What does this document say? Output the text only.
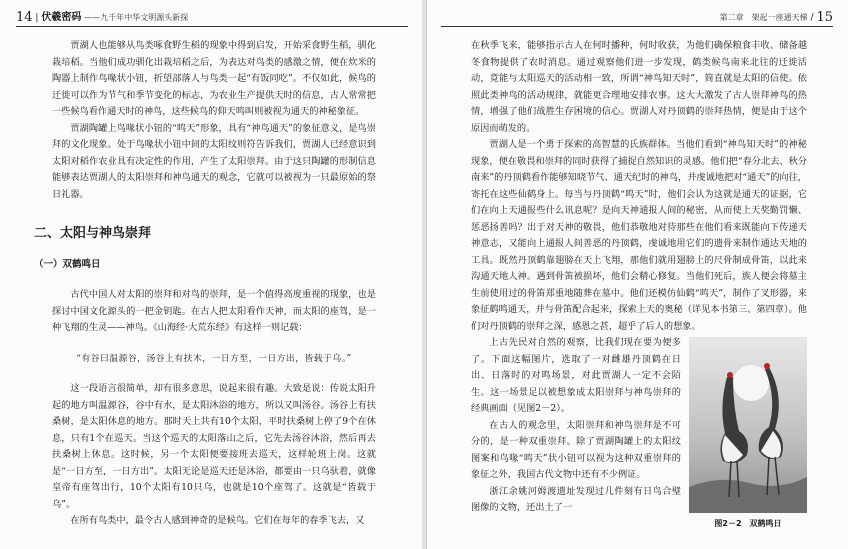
14 | 伏羲密码 ——九千年中华文明源头新探

贾湖人也能够从鸟类啄食野生稻的现象中得到启发，开始采食野生稻，驯化栽培稻。当他们成功驯化出栽培稻之后，为表达对鸟类的感激之情，便在炊米的陶器上制作鸟喙状小钮，折望部落人与鸟类一起“有饭同吃”。不仅如此，候鸟的迁徙可以作为节气和季节变化的标志，为农业生产提供天时的信息，古人常常把一些候鸟看作通天时的神鸟，这些候鸟的仰天鸣叫则被视为通天的神秘象征。

贾湖陶罐上鸟喙状小钮的“鸣天”形象，具有“神鸟通天”的象征意义，是鸟崇拜的文化现象。处于鸟喙状小钮中间的太阳纹则符告诉我们，贾湖人已经意识到太阳对稻作农业具有决定性的作用，产生了太阳崇拜。由于这只陶罐的形制信息能够表达贾湖人的太阳崇拜和神鸟通天的观念，它就可以被视为一只最原始的祭日礼器。

二、太阳与神鸟崇拜
（一）双鹤鸣日

古代中国人对太阳的崇拜和对鸟的崇拜，是一个值得高度重视的现象，也是探讨中国文化源头的一把金钥匙。在古人把太阳看作天神，而太阳的座驾，是一种飞翔的生灵——神鸟。《山海经·大荒东经》有这样一则记载：

“有谷曰温源谷，汤谷上有扶木，一日方至，一日方出，皆载于乌。”

这一段语言很简单，却有很多意思，说起来很有趣。大致是说：传说太阳升起的地方叫温源谷，谷中有水，是太阳沐浴的地方，所以又叫汤谷。汤谷上有扶桑树，是太阳休息的地方。那时天上共有10个太阳，平时扶桑树上停了9个在休息，只有1个在巡天。当这个巡天的太阳落山之后，它先去汤谷沐浴，然后再去扶桑树上休息。这时候，另一个太阳便要接班去巡天，这样轮班上岗。这就是“一日方至，一日方出”。太阳无论是巡天还是沐浴，都要由一只乌驮着，就像皇帝有座驾出行，10个太阳有10只乌，也就是10个座驾了。这就是“皆载于乌”。

在所有鸟类中，最令古人感到神奇的是候鸟。它们在每年的春季飞去，又

第二章　架起一座通天梯 / 15

在秋季飞来，能够指示古人在何时播种，何时收获，为他们确保粮食丰收、储备越冬食物提供了农时消息。通过观察他们进一步发现，鹤类候鸟南来北往的迁徙活动，竟能与太阳巡天的活动相一致，所谓“神鸟知天时”，简直就是太阳的信使。依照此类神鸟的活动规律，就能更合理地安排农事。这大大激发了古人崇拜神鸟的热情，增强了他们战胜生存困境的信心。贾湖人对丹顶鹤的崇拜热情，便是由于这个原因而萌发的。

贾湖人是一个勇于探索的高智慧的氏族群体。当他们看到“神鸟知天时”的神秘现象，便在敬畏和崇拜的同时获得了捕捉自然知识的灵感。他们把“春分北去、秋分南来”的丹顶鹤看作能够知晓节气、通天纪时的神鸟，并虔诚地把对“通天”的向往，寄托在这些仙鹤身上。每当与丹顶鹤“鸣天”时，他们会认为这就是通天的证据，它们在向上天通报些什么讯息呢？是向天神通报人间的秘密，从而使上天奖勤罚懒、惩恶扬善吗？出于对天神的敬畏，他们恭敬地对待那些在他们看来既能向下传递天神意志，又能向上通报人间善恶的丹顶鹤，虔诚地用它们的遗骨来制作通达天地的工具。既然丹顶鹤靠翅膀在天上飞翔，那他们就用翅膀上的尺骨制成骨笛，以此来沟通天地人神。遇到骨笛被损坏，他们会精心修复。当他们死后，族人便会将墓主生前使用过的骨笛郑重地随葬在墓中。他们还模仿仙鹤“鸣天”，制作了叉形器，来象征鹤鸣通天，并与骨笛配合起来，探索上天的奥秘（详见本书第三、第四章）。他们对丹顶鹤的崇拜之深，感恩之甚，超乎了后人的想象。

图2－2　双鹤鸣日

上古先民对自然的观察，比我们现在要为便多了。下面这幅图片，选取了一对雌雄丹顶鹤在日出、日落时的对鸣场景，对此贾湖人一定不会陌生。这一场景足以被想象成太阳崇拜与神鸟崇拜的经典画面（见图2－2）。

在古人的观念里，太阳崇拜和神鸟崇拜是不可分的，是一种双重崇拜。除了贾湖陶罐上的太阳纹图案和鸟喙“鸣天”状小钮可以视为这种双重崇拜的象征之外，我国古代文物中还有不少例证。

浙江余姚河姆渡遗址发现过几件刻有日鸟合璧图像的文物，还出土了一
